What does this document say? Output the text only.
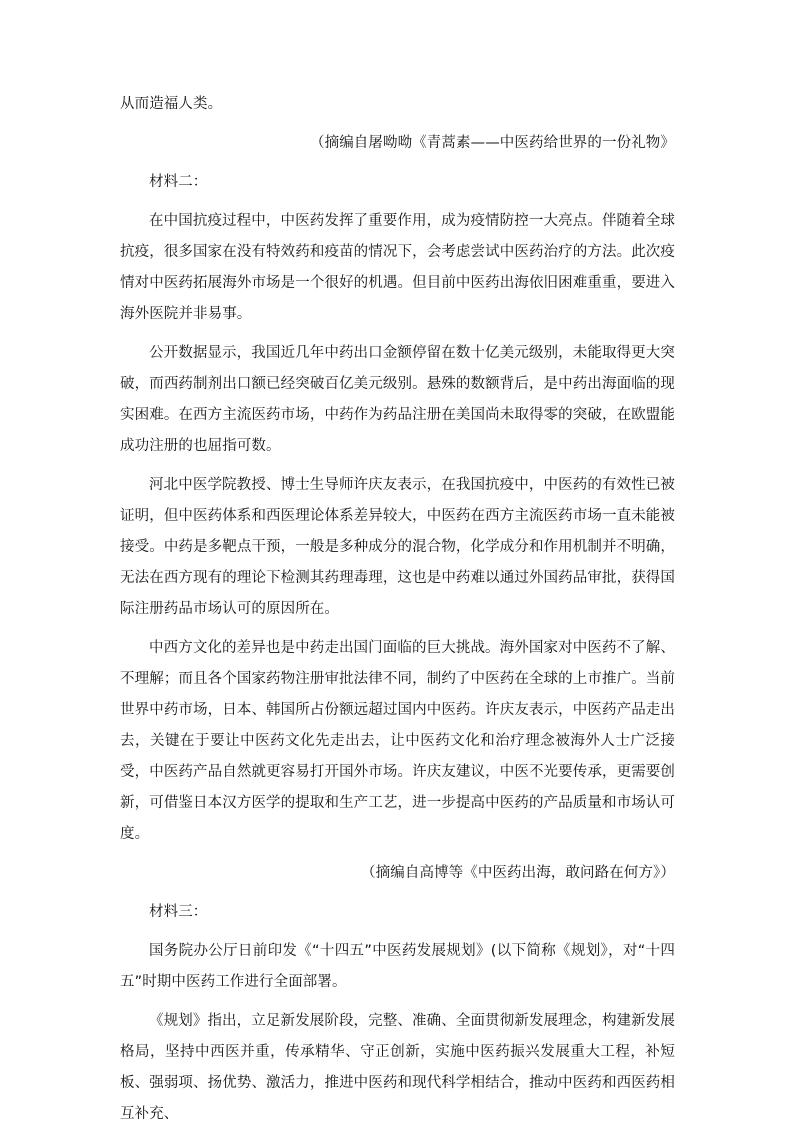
从而造福人类。

（摘编自屠呦呦《青蒿素——中医药给世界的一份礼物》

材料二：

在中国抗疫过程中，中医药发挥了重要作用，成为疫情防控一大亮点。伴随着全球抗疫，很多国家在没有特效药和疫苗的情况下，会考虑尝试中医药治疗的方法。此次疫情对中医药拓展海外市场是一个很好的机遇。但目前中医药出海依旧困难重重，要进入海外医院并非易事。

公开数据显示，我国近几年中药出口金额停留在数十亿美元级别，未能取得更大突破，而西药制剂出口额已经突破百亿美元级别。悬殊的数额背后，是中药出海面临的现实困难。在西方主流医药市场，中药作为药品注册在美国尚未取得零的突破，在欧盟能成功注册的也屈指可数。

河北中医学院教授、博士生导师许庆友表示，在我国抗疫中，中医药的有效性已被证明，但中医药体系和西医理论体系差异较大，中医药在西方主流医药市场一直未能被接受。中药是多靶点干预，一般是多种成分的混合物，化学成分和作用机制并不明确，无法在西方现有的理论下检测其药理毒理，这也是中药难以通过外国药品审批，获得国际注册药品市场认可的原因所在。

中西方文化的差异也是中药走出国门面临的巨大挑战。海外国家对中医药不了解、不理解；而且各个国家药物注册审批法律不同，制约了中医药在全球的上市推广。当前世界中药市场，日本、韩国所占份额远超过国内中医药。许庆友表示，中医药产品走出去，关键在于要让中医药文化先走出去，让中医药文化和治疗理念被海外人士广泛接受，中医药产品自然就更容易打开国外市场。许庆友建议，中医不光要传承，更需要创新，可借鉴日本汉方医学的提取和生产工艺，进一步提高中医药的产品质量和市场认可度。

（摘编自高博等《中医药出海，敢问路在何方》）

材料三：

国务院办公厅日前印发《“十四五”中医药发展规划》(以下简称《规划》，对“十四五”时期中医药工作进行全面部署。

《规划》指出，立足新发展阶段，完整、准确、全面贯彻新发展理念，构建新发展格局，坚持中西医并重，传承精华、守正创新，实施中医药振兴发展重大工程，补短板、强弱项、扬优势、激活力，推进中医药和现代科学相结合，推动中医药和西医药相互补充、
